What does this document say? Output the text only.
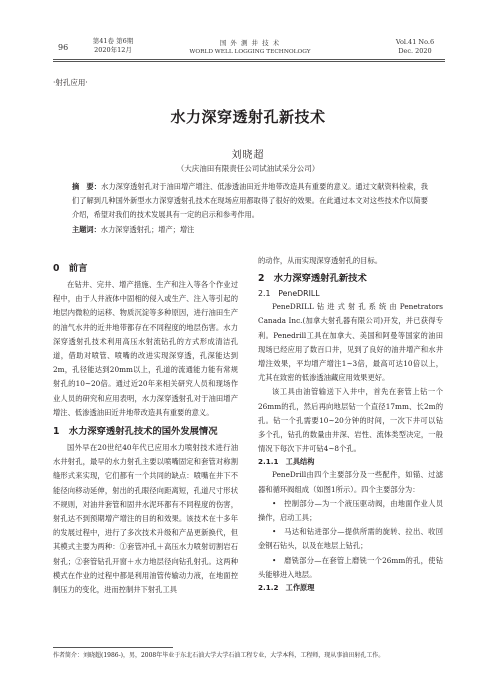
96
第41卷 第6期
2020年12月
国 外 测 井 技 术
WORLD WELL LOGGING TECHNOLOGY
Vol.41 No.6
Dec. 2020
·射孔应用·
水力深穿透射孔新技术
刘晓超
（大庆油田有限责任公司试油试采分公司）
摘　要：水力深穿透射孔对于油田增产增注、低渗透油田近井地带改造具有重要的意义。通过文献资料检索，我们了解到几种国外新型水力深穿透射孔技术在现场应用都取得了很好的效果。在此通过本文对这些技术作以简要介绍，希望对我们的技术发展具有一定的启示和参考作用。
主题词：水力深穿透射孔；增产；增注
0　前言

在钻井、完井、增产措施、生产和注入等各个作业过程中，由于人井液体中固相的侵入或生产、注入等引起的地层内微粒的运移、物质沉淀等多种原因，进行油田生产的油气水井的近井地带都存在不同程度的地层伤害。水力深穿透射孔技术利用高压水射流钻孔的方式形成清洁孔道，借助对喷管、喷嘴的改进实现深穿透，孔深能达到2m，孔径能达到20mm以上，孔道的流通能力能有常规射孔的10~20倍。通过近20年来相关研究人员和现场作业人员的研究和应用表明，水力深穿透射孔对于油田增产增注、低渗透油田近井地带改造具有重要的意义。

1　水力深穿透射孔技术的国外发展情况

国外早在20世纪40年代已应用水力喷射技术进行油水井射孔，最早的水力射孔主要以喷嘴固定和套管对称割缝形式来实现，它们都有一个共同的缺点：喷嘴在井下不能径向移动延伸，射出的孔眼径向距离短，孔道尺寸形状不规则，对油井套管和固井水泥环都有不同程度的伤害，射孔达不到预期增产增注的目的和效果。该技术在十多年的发展过程中，进行了多次技术升级和产品更新换代，但其模式主要为两种：①套管冲孔＋高压水力喷射切割岩石射孔；②套管钻孔开窗＋水力地层径向钻孔射孔。这两种模式在作业的过程中都是利用油管传输动力液，在地面控制压力的变化，进而控制井下射孔工具

的动作，从而实现深穿透射孔的目标。

2　水力深穿透射孔新技术
2.1　PeneDRILL

PeneDRILL钻进式射孔系统由Penetrators Canada Inc.(加拿大射孔器有限公司)开发，并已获得专利。Penedrill工具在加拿大、美国和阿曼等国家的油田现场已经应用了数百口井，见到了良好的油井增产和水井增注效果，平均增产增注1~3倍，最高可达10倍以上，尤其在致密的低渗透油藏应用效果更好。

该工具由油管输送下入井中，首先在套管上钻一个26mm的孔，然后再向地层钻一个直径17mm、长2m的孔。钻一个孔需要10~20分钟的时间，一次下井可以钻多个孔，钻孔的数量由井深、岩性、流体类型决定，一般情况下每次下井可钻4~8个孔。

2.1.1　工具结构

PeneDrill由四个主要部分及一些配件，如锚、过滤器和循环阀组成（如图1所示）。四个主要部分为：

•　控制部分—为一个液压驱动阀，由地面作业人员操作，启动工具；

•　马达和钻进部分—提供所需的旋转、拉出、收回金钢石钻头，以及在地层上钻孔；

•　磨铣部分—在套管上磨铣一个26mm的孔，使钻头能够进入地层。

2.1.2　工作原理
作者简介：刘晓超(1986-)，男，2008年毕业于东北石油大学大学石油工程专业，大学本科，工程师，现从事油田射孔工作。
